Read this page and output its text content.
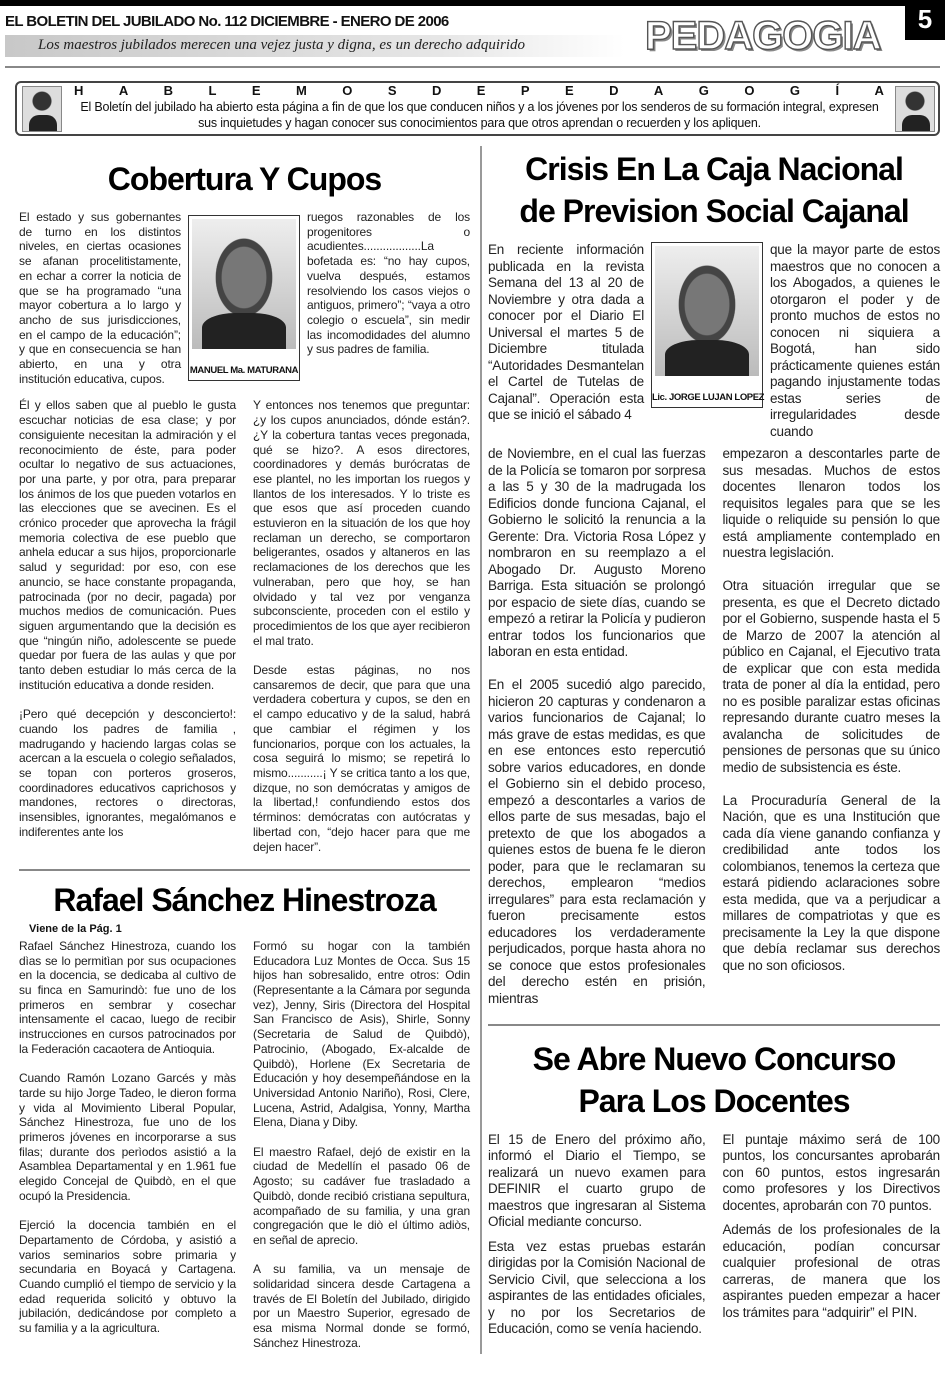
5
EL BOLETIN DEL JUBILADO No. 112 DICIEMBRE - ENERO DE 2006
Los maestros jubilados merecen una vejez justa y digna, es un derecho adquirido	PEDAGOGIA
H	A	B	L	E	M	O	S	D	E	P	E	D	A	G	O	G	Í	A
El Boletín del jubilado ha abierto esta página a fin de que los que conducen niños y a los jóvenes por los senderos de su formación integral, expresen sus inquietudes y hagan conocer sus conocimientos para que otros aprendan o recuerden y los apliquen.
Cobertura Y Cupos
El estado y sus gobernantes de turno en los distintos niveles, en ciertas ocasiones se afanan procelitistamente, en echar a correr la noticia de que se ha programado “una mayor cobertura a lo largo y ancho de sus jurisdicciones, en el campo de la educación”; y que en consecuencia se han abierto, en una y otra institución educativa, cupos.
MANUEL Ma. MATURANA
ruegos razonables de los progenitores o acudientes..................La bofetada es: “no hay cupos, vuelva después, estamos resolviendo los casos viejos o antiguos, primero”; “vaya a otro colegio o escuela”, sin medir las incomodidades del alumno y sus padres de familia.

Él y ellos saben que al pueblo le gusta escuchar noticias de esa clase; y por consiguiente necesitan la admiración y el reconocimiento de éste, para poder ocultar lo negativo de sus actuaciones, por una parte, y por otra, para preparar los ánimos de los que pueden votarlos en las elecciones que se avecinen. Es el crónico proceder que aprovecha la frágil memoria colectiva de ese pueblo que anhela educar a sus hijos, proporcionarle salud y seguridad: por eso, con ese anuncio, se hace constante propaganda, patrocinada (por no decir, pagada) por muchos medios de comunicación. Pues siguen argumentando que la decisión es que “ningún niño, adolescente se puede quedar por fuera de las aulas y que por tanto deben estudiar lo más cerca de la institución educativa a donde residen.

¡Pero qué decepción y desconcierto!: cuando los padres de familia , madrugando y haciendo largas colas se acercan a la escuela o colegio señalados, se topan con porteros groseros, coordinadores educativos caprichosos y mandones, rectores o directoras, insensibles, ignorantes, megalómanos e indiferentes ante los

Y entonces nos tenemos que preguntar: ¿y los cupos anunciados, dónde están?. ¿Y la cobertura tantas veces pregonada, qué se hizo?. A esos directores, coordinadores y demás burócratas de ese plantel, no les importan los ruegos y llantos de los interesados. Y lo triste es que esos que así proceden cuando estuvieron en la situación de los que hoy reclaman un derecho, se comportaron beligerantes, osados y altaneros en las reclamaciones de los derechos que les vulneraban, pero que hoy, se han olvidado y tal vez por venganza subconsciente, proceden con el estilo y procedimientos de los que ayer recibieron el mal trato.

Desde estas páginas, no nos cansaremos de decir, que para que una verdadera cobertura y cupos, se den en el campo educativo y de la salud, habrá que cambiar el régimen y los funcionarios, porque con los actuales, la cosa seguirá lo mismo; se repetirá lo mismo...........¡ Y se critica tanto a los que, dizque, no son demócratas y amigos de la libertad,! confundiendo estos dos términos: demócratas con autócratas y libertad con, “dejo hacer para que me dejen hacer”.

Rafael Sánchez Hinestroza
Viene de la Pág. 1

Rafael Sánchez Hinestroza, cuando los dìas se lo permitìan por sus ocupaciones en la docencia, se dedicaba al cultivo de su finca en Samurindò: fue uno de los primeros en sembrar y cosechar intensamente el cacao, luego de recibir instrucciones en cursos patrocinados por la Federación cacaotera de Antioquia.

Cuando Ramón Lozano Garcés y màs tarde su hijo Jorge Tadeo, le dieron forma y vida al Movimiento Liberal Popular, Sánchez Hinestroza, fue uno de los primeros jóvenes en incorporarse a sus filas; durante dos perìodos asistió a la Asamblea Departamental y en 1.961 fue elegido Concejal de Quibdò, en el que ocupó la Presidencia.

Ejerció la docencia también en el Departamento de Córdoba, y asistió a varios seminarios sobre primaria y secundaria en Boyacá y Cartagena. Cuando cumplió el tiempo de servicio y la edad requerida solicitó y obtuvo la jubilación, dedicándose por completo a su familia y a la agricultura.

Formó su hogar con la también Educadora Luz Montes de Occa. Sus 15 hijos han sobresalido, entre otros: Odin (Representante a la Cámara por segunda vez), Jenny, Siris (Directora del Hospital San Francisco de Asis), Shirle, Sonny (Secretaria de Salud de Quibdò), Patrocinio, (Abogado, Ex-alcalde de Quibdò), Horlene (Ex Secretaria de Educación y hoy desempeñándose en la Universidad Antonio Nariño), Rosi, Clere, Lucena, Astrid, Adalgisa, Yonny, Martha Elena, Diana y Diby.

El maestro Rafael, dejó de existir en la ciudad de Medellín el pasado 06 de Agosto; su cadáver fue trasladado a Quibdò, donde recibió cristiana sepultura, acompañado de su familia, y una gran congregación que le diò el último adiòs, en señal de aprecio.

A su familia, va un mensaje de solidaridad sincera desde Cartagena a través de El Boletín del Jubilado, dirigido por un Maestro Superior, egresado de esa misma Normal donde se formó, Sánchez Hinestroza.

Crisis En La Caja Nacional
de Prevision Social Cajanal
En reciente información publicada en la revista Semana del 13 al 20 de Noviembre y otra dada a conocer por el Diario El Universal el martes 5 de Diciembre titulada “Autoridades Desmantelan el Cartel de Tutelas de Cajanal”. Operación esta que se inició el sábado 4
Lic. JORGE LUJAN LOPEZ
que la mayor parte de estos maestros que no conocen a los Abogados, a quienes le otorgaron el poder y de pronto muchos de estos no conocen ni siquiera a Bogotá, han sido prácticamente quienes están pagando injustamente todas estas series de irregularidades desde cuando

de Noviembre, en el cual las fuerzas de la Policía se tomaron por sorpresa a las 5 y 30 de la madrugada los Edificios donde funciona Cajanal, el Gobierno le solicitó la renuncia a la Gerente: Dra. Victoria Rosa López y nombraron en su reemplazo a el Abogado Dr. Augusto Moreno Barriga. Esta situación se prolongó por espacio de siete días, cuando se empezó a retirar la Policía y pudieron entrar todos los funcionarios que laboran en esta entidad.

En el 2005 sucedió algo parecido, hicieron 20 capturas y condenaron a varios funcionarios de Cajanal; lo más grave de estas medidas, es que en ese entonces esto repercutió sobre varios educadores, en donde el Gobierno sin el debido proceso, empezó a descontarles a varios de ellos parte de sus mesadas, bajo el pretexto de que los abogados a quienes estos de buena fe le dieron poder, para que le reclamaran su derechos, emplearon “medios irregulares” para esta reclamación y fueron precisamente estos educadores los verdaderamente perjudicados, porque hasta ahora no se conoce que estos profesionales del derecho estén en prisión, mientras

empezaron a descontarles parte de sus mesadas. Muchos de estos docentes llenaron todos los requisitos legales para que se les liquide o reliquide su pensión lo que está ampliamente contemplado en nuestra legislación.

Otra situación irregular que se presenta, es que el Decreto dictado por el Gobierno, suspende hasta el 5 de Marzo de 2007 la atención al público en Cajanal, el Ejecutivo trata de explicar que con esta medida trata de poner al día la entidad, pero no es posible paralizar estas oficinas represando durante cuatro meses la avalancha de solicitudes de pensiones de personas que su único medio de subsistencia es éste.

La Procuraduría General de la Nación, que es una Institución que cada día viene ganando confianza y credibilidad ante todos los colombianos, tenemos la certeza que estará pidiendo aclaraciones sobre esta medida, que va a perjudicar a millares de compatriotas y que es precisamente la Ley la que dispone que debía reclamar sus derechos que no son oficiosos.

Se Abre Nuevo Concurso
Para Los Docentes

El 15 de Enero del próximo año, informó el Diario el Tiempo, se realizará un nuevo examen para DEFINIR el cuarto grupo de maestros que ingresaran al Sistema Oficial mediante concurso.

Esta vez estas pruebas estarán dirigidas por la Comisión Nacional de Servicio Civil, que selecciona a los aspirantes de las entidades oficiales, y no por los Secretarios de Educación, como se venía haciendo.

El puntaje máximo será de 100 puntos, los concursantes aprobarán con 60 puntos, estos ingresarán como profesores y los Directivos docentes, aprobarán con 70 puntos.

Además de los profesionales de la educación, podían concursar cualquier profesional de otras carreras, de manera que los aspirantes pueden empezar a hacer los trámites para “adquirir” el PIN.
